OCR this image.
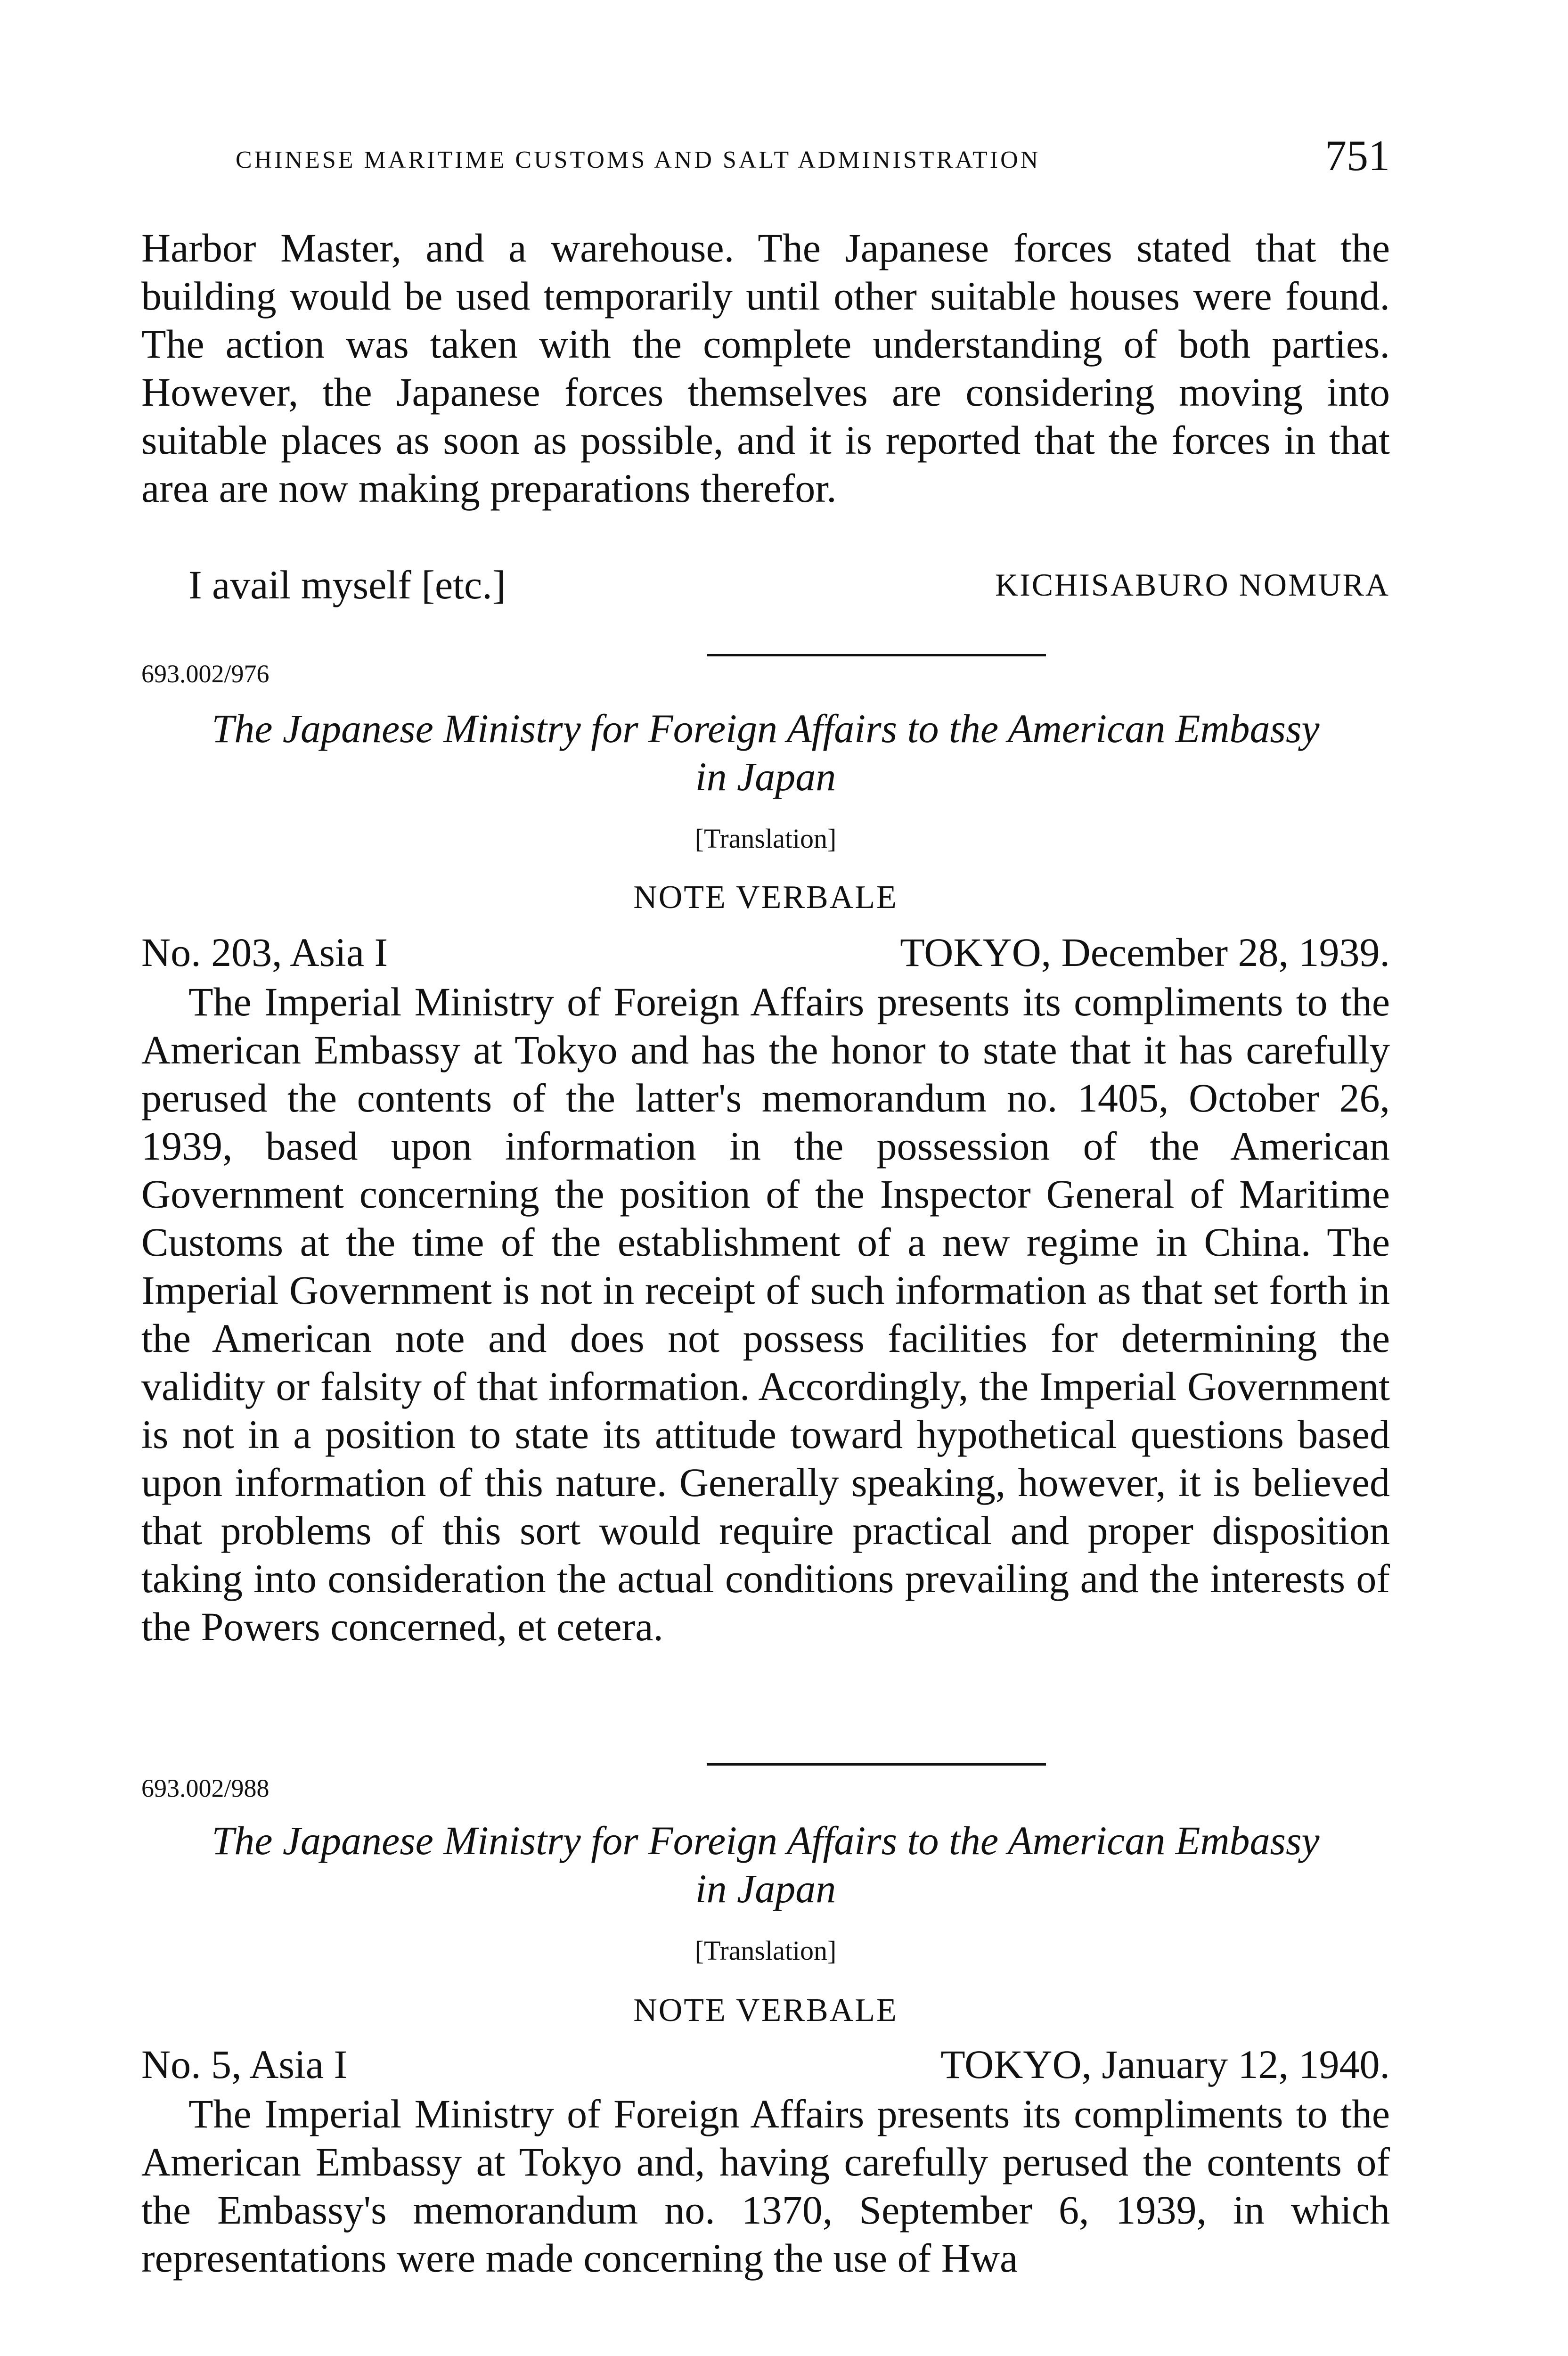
CHINESE MARITIME CUSTOMS AND SALT ADMINISTRATION	751

Harbor Master, and a warehouse. The Japanese forces stated that the building would be used temporarily until other suitable houses were found. The action was taken with the complete understanding of both parties. However, the Japanese forces themselves are considering moving into suitable places as soon as possible, and it is reported that the forces in that area are now making preparations therefor.

I avail myself [etc.]	KICHISABURO NOMURA
693.002/976

The Japanese Ministry for Foreign Affairs to the American Embassy
in Japan

[Translation]
NOTE VERBALE
No. 203, Asia I	TOKYO, December 28, 1939.

The Imperial Ministry of Foreign Affairs presents its compliments to the American Embassy at Tokyo and has the honor to state that it has carefully perused the contents of the latter's memorandum no. 1405, October 26, 1939, based upon information in the possession of the American Government concerning the position of the Inspector General of Maritime Customs at the time of the establishment of a new regime in China. The Imperial Government is not in receipt of such information as that set forth in the American note and does not possess facilities for determining the validity or falsity of that information. Accordingly, the Imperial Government is not in a position to state its attitude toward hypothetical questions based upon information of this nature. Generally speaking, however, it is believed that problems of this sort would require practical and proper disposition taking into consideration the actual conditions prevailing and the interests of the Powers concerned, et cetera.

693.002/988

The Japanese Ministry for Foreign Affairs to the American Embassy
in Japan

[Translation]
NOTE VERBALE
No. 5, Asia I	TOKYO, January 12, 1940.

The Imperial Ministry of Foreign Affairs presents its compliments to the American Embassy at Tokyo and, having carefully perused the contents of the Embassy's memorandum no. 1370, September 6, 1939, in which representations were made concerning the use of Hwa
